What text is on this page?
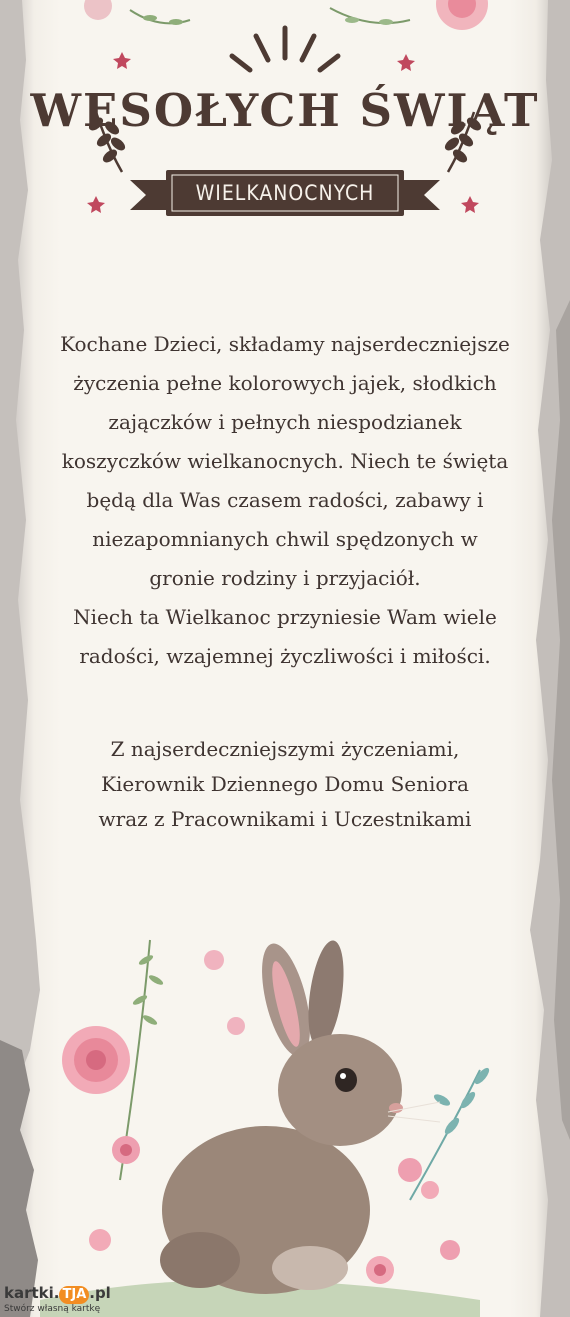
WESOŁYCH ŚWIĄT
WIELKANOCNYCH

Kochane Dzieci, składamy najserdeczniejsze

życzenia pełne kolorowych jajek, słodkich

zajączków i pełnych niespodzianek

koszyczków wielkanocnych. Niech te święta

będą dla Was czasem radości, zabawy i

niezapomnianych chwil spędzonych w

gronie rodziny i przyjaciół.

Niech ta Wielkanoc przyniesie Wam wiele

radości, wzajemnej życzliwości i miłości.

Z najserdeczniejszymi życzeniami,

Kierownik Dziennego Domu Seniora

wraz z Pracownikami i Uczestnikami

kartki. TJA .pl
Stwórz własną kartkę
